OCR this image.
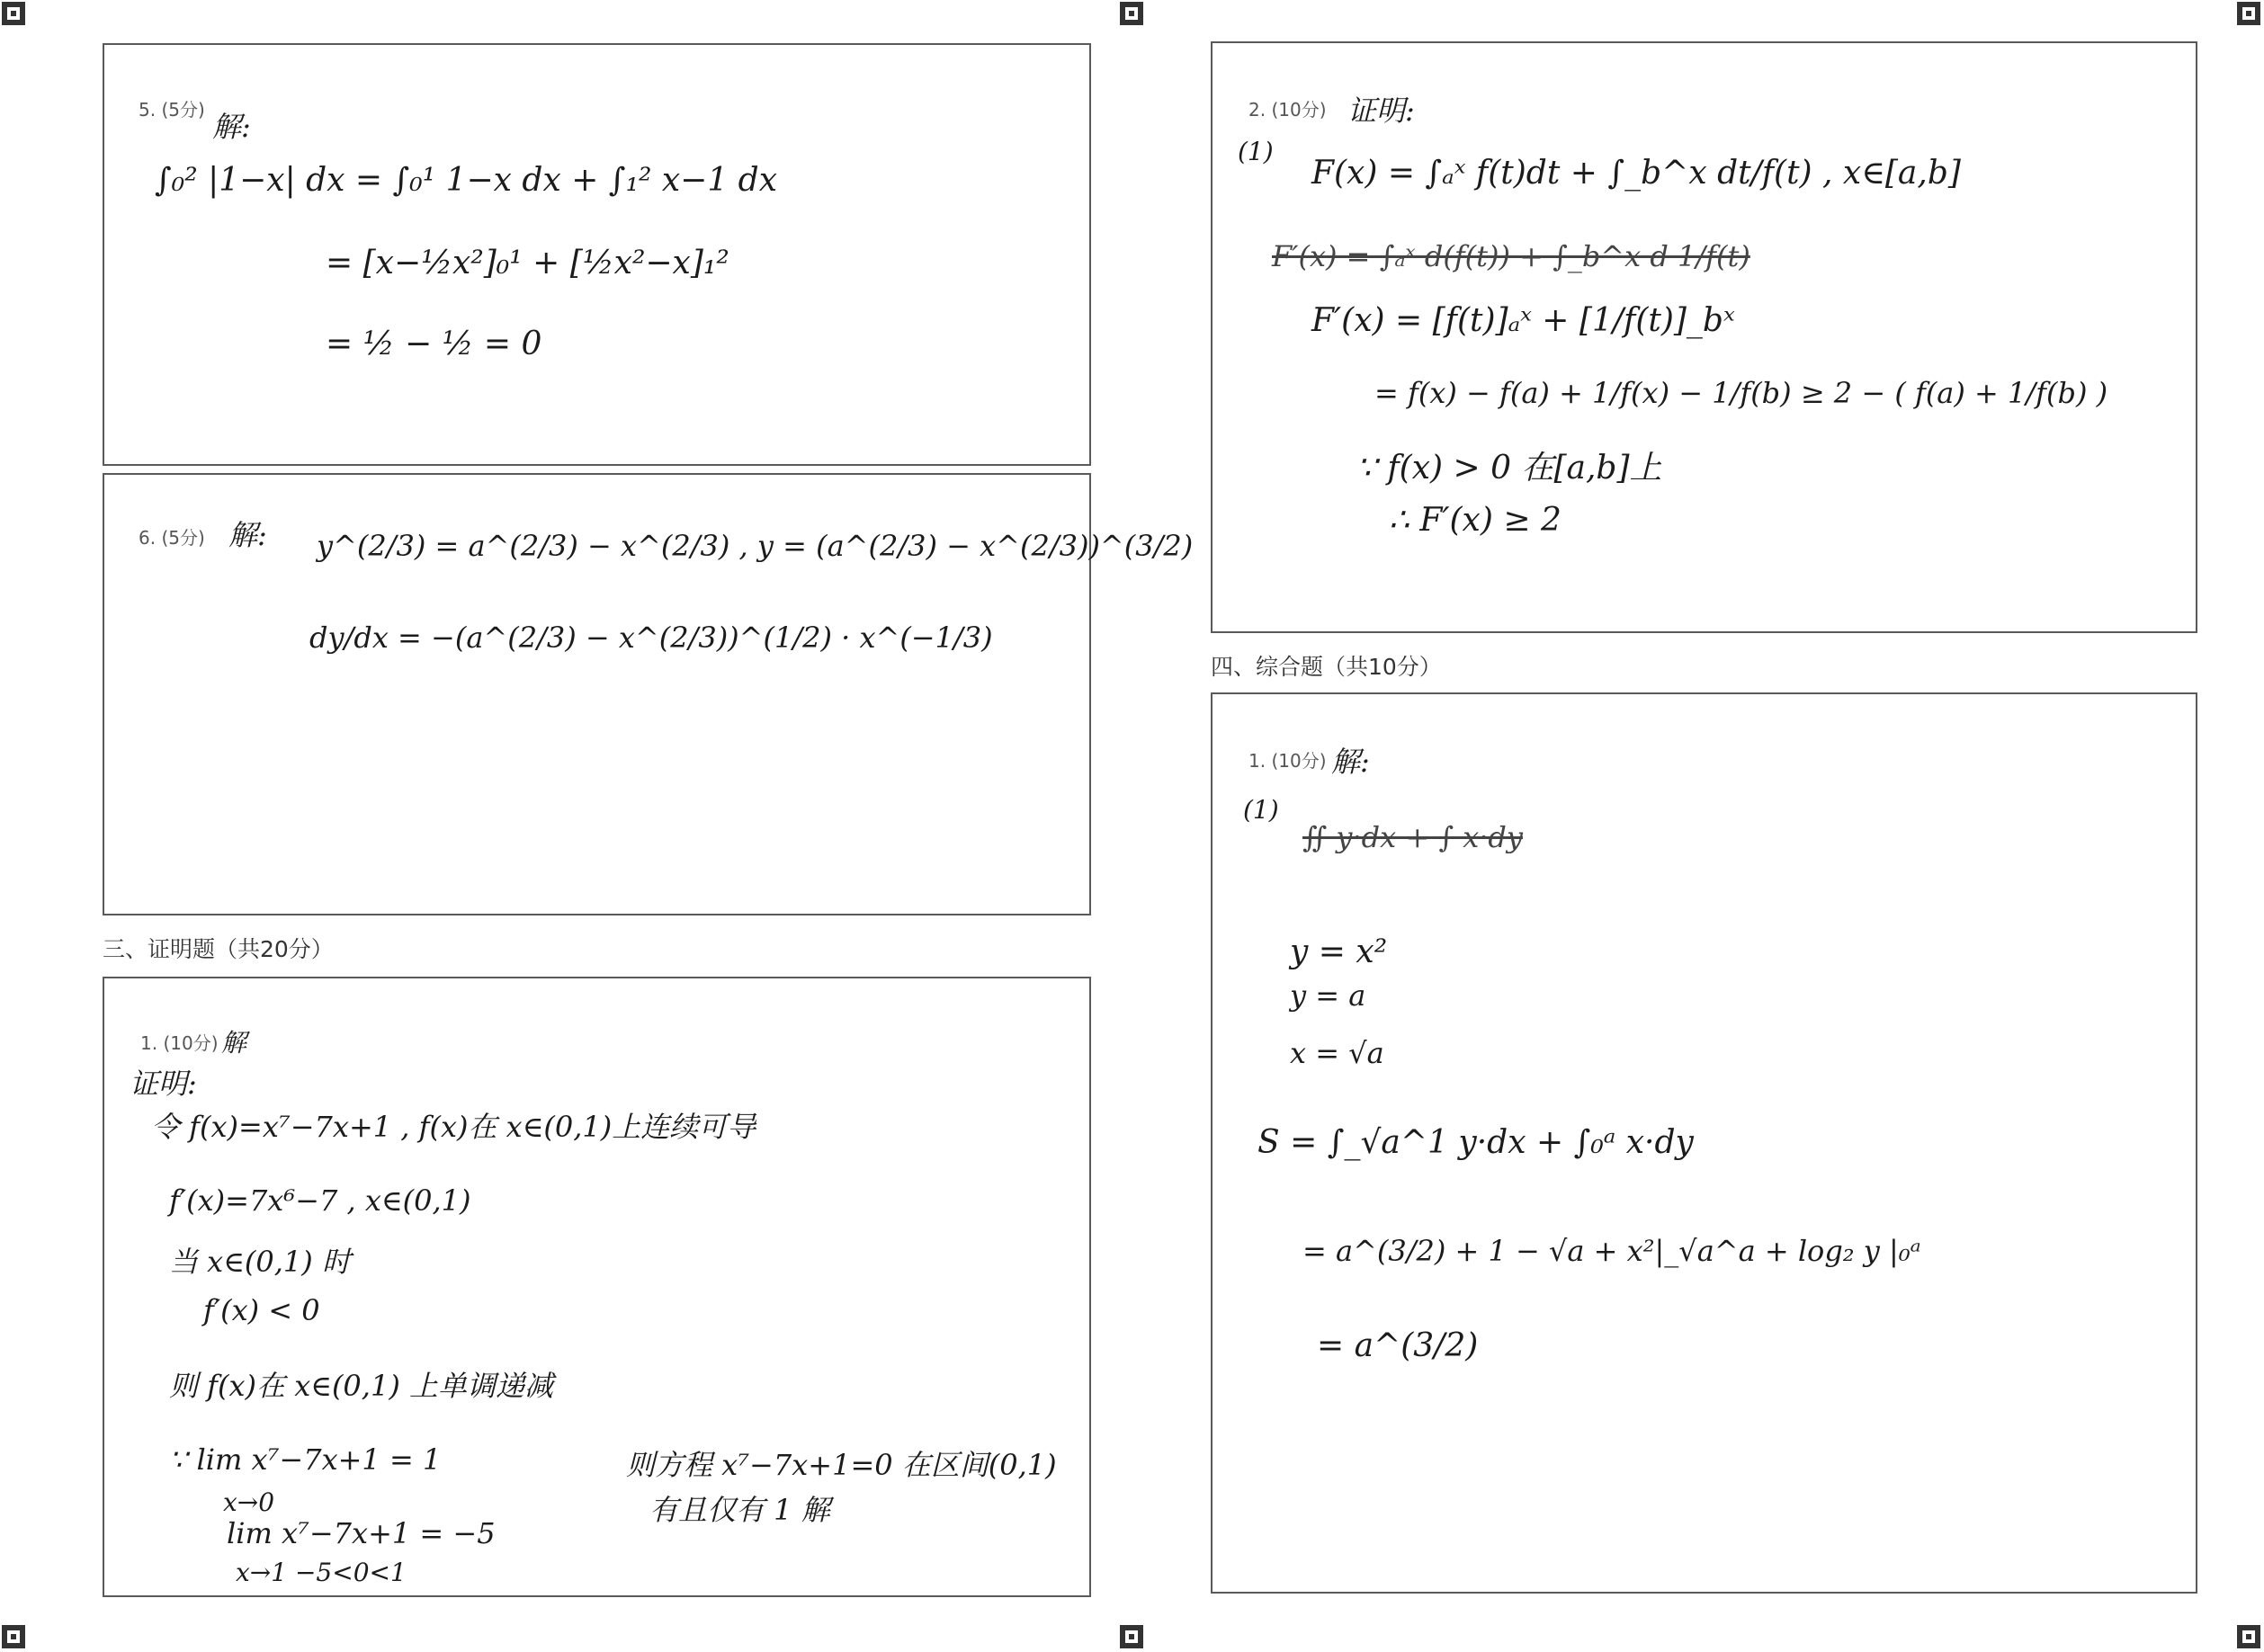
5. (5分) 解:
∫₀² |1−x| dx = ∫₀¹ 1−x dx + ∫₁² x−1 dx
= [x−½x²]₀¹ + [½x²−x]₁²
= ½ − ½ = 0
6. (5分) 解: y^(2/3) = a^(2/3) − x^(2/3) , y = (a^(2/3) − x^(2/3))^(3/2)
dy/dx = −(a^(2/3) − x^(2/3))^(1/2) · x^(−1/3)
三、证明题（共20分）
1. (10分) 解
证明:
令 f(x)=x⁷−7x+1 , f(x)在 x∈(0,1)上连续可导
f′(x)=7x⁶−7 , x∈(0,1)
当 x∈(0,1) 时
f′(x) < 0
则 f(x)在 x∈(0,1) 上单调递减
∵ lim x⁷−7x+1 = 1
x→0
lim x⁷−7x+1 = −5
x→1 −5<0<1
则方程 x⁷−7x+1=0 在区间(0,1)
有且仅有 1 解
2. (10分) 证明:
(1)
F(x) = ∫ₐˣ f(t)dt + ∫_b^x dt/f(t) , x∈[a,b]
F′(x) = ∫ₐˣ d(f(t)) + ∫_b^x d 1/f(t)
F′(x) = [f(t)]ₐˣ + [1/f(t)]_bˣ
= f(x) − f(a) + 1/f(x) − 1/f(b) ≥ 2 − ( f(a) + 1/f(b) )
∵ f(x) > 0 在[a,b]上
∴ F′(x) ≥ 2
四、综合题（共10分）
1. (10分) 解:
(1)
∬ y·dx + ∫ x·dy
y = x²
y = a
x = √a
S = ∫_√a^1 y·dx + ∫₀ᵃ x·dy
= a^(3/2) + 1 − √a + x²|_√a^a + log₂ y |₀ᵃ
= a^(3/2)
